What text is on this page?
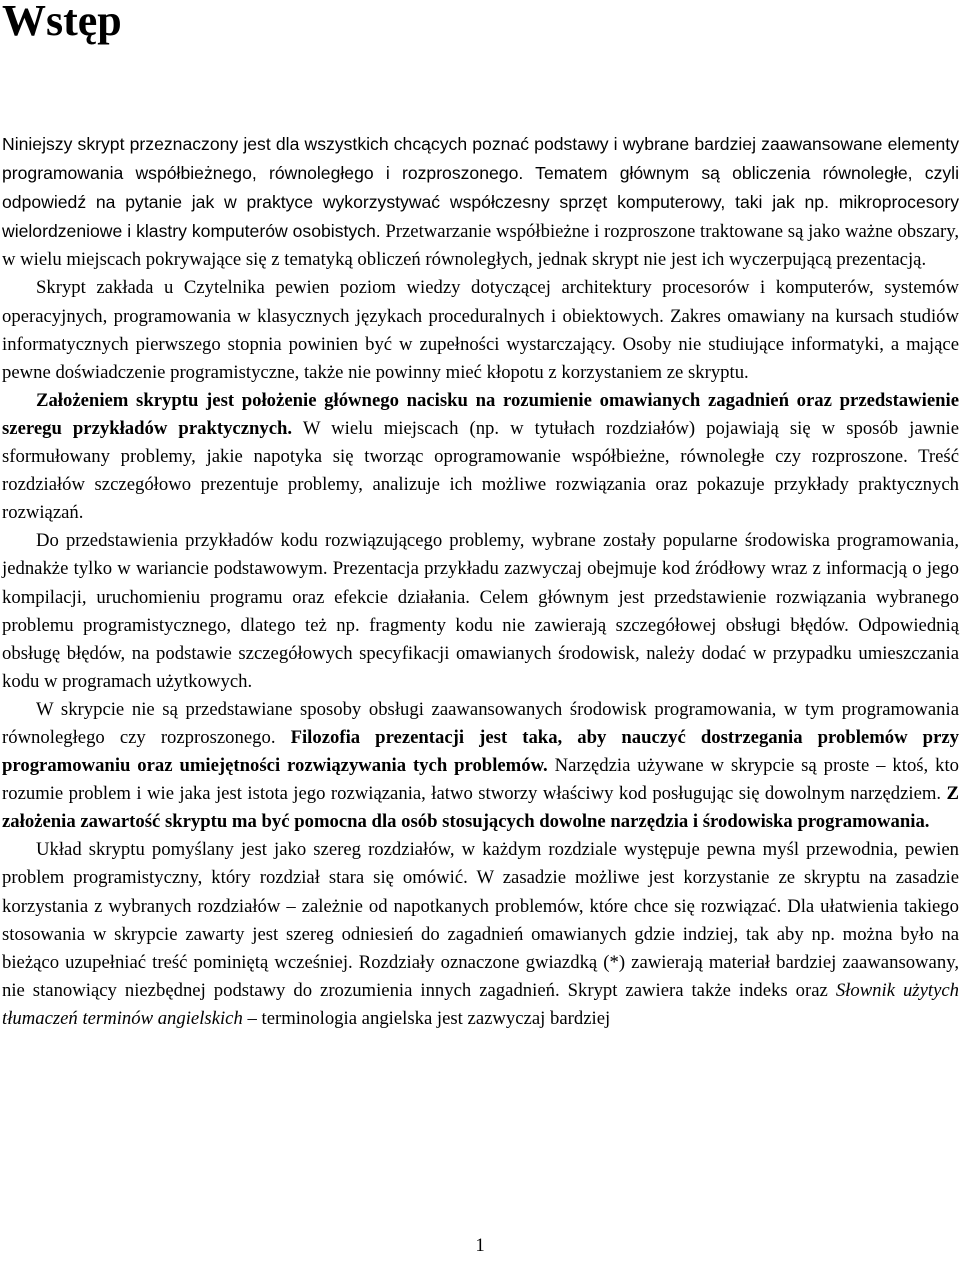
Wstęp

Niniejszy skrypt przeznaczony jest dla wszystkich chcących poznać podstawy i wybrane bardziej zaawansowane elementy programowania współbieżnego, równoległego i rozproszonego. Tematem głównym są obliczenia równoległe, czyli odpowiedź na pytanie jak w praktyce wykorzystywać współczesny sprzęt komputerowy, taki jak np. mikroprocesory wielordzeniowe i klastry komputerów osobistych. Przetwarzanie współbieżne i rozproszone traktowane są jako ważne obszary, w wielu miejscach pokrywające się z tematyką obliczeń równoległych, jednak skrypt nie jest ich wyczerpującą prezentacją.

Skrypt zakłada u Czytelnika pewien poziom wiedzy dotyczącej architektury procesorów i komputerów, systemów operacyjnych, programowania w klasycznych językach proceduralnych i obiektowych. Zakres omawiany na kursach studiów informatycznych pierwszego stopnia powinien być w zupełności wystarczający. Osoby nie studiujące informatyki, a mające pewne doświadczenie programistyczne, także nie powinny mieć kłopotu z korzystaniem ze skryptu.

Założeniem skryptu jest położenie głównego nacisku na rozumienie omawianych zagadnień oraz przedstawienie szeregu przykładów praktycznych. W wielu miejscach (np. w tytułach rozdziałów) pojawiają się w sposób jawnie sformułowany problemy, jakie napotyka się tworząc oprogramowanie współbieżne, równoległe czy rozproszone. Treść rozdziałów szczegółowo prezentuje problemy, analizuje ich możliwe rozwiązania oraz pokazuje przykłady praktycznych rozwiązań.

Do przedstawienia przykładów kodu rozwiązującego problemy, wybrane zostały popularne środowiska programowania, jednakże tylko w wariancie podstawowym. Prezentacja przykładu zazwyczaj obejmuje kod źródłowy wraz z informacją o jego kompilacji, uruchomieniu programu oraz efekcie działania. Celem głównym jest przedstawienie rozwiązania wybranego problemu programistycznego, dlatego też np. fragmenty kodu nie zawierają szczegółowej obsługi błędów. Odpowiednią obsługę błędów, na podstawie szczegółowych specyfikacji omawianych środowisk, należy dodać w przypadku umieszczania kodu w programach użytkowych.

W skrypcie nie są przedstawiane sposoby obsługi zaawansowanych środowisk programowania, w tym programowania równoległego czy rozproszonego. Filozofia prezentacji jest taka, aby nauczyć dostrzegania problemów przy programowaniu oraz umiejętności rozwiązywania tych problemów. Narzędzia używane w skrypcie są proste – ktoś, kto rozumie problem i wie jaka jest istota jego rozwiązania, łatwo stworzy właściwy kod posługując się dowolnym narzędziem. Z założenia zawartość skryptu ma być pomocna dla osób stosujących dowolne narzędzia i środowiska programowania.

Układ skryptu pomyślany jest jako szereg rozdziałów, w każdym rozdziale występuje pewna myśl przewodnia, pewien problem programistyczny, który rozdział stara się omówić. W zasadzie możliwe jest korzystanie ze skryptu na zasadzie korzystania z wybranych rozdziałów – zależnie od napotkanych problemów, które chce się rozwiązać. Dla ułatwienia takiego stosowania w skrypcie zawarty jest szereg odniesień do zagadnień omawianych gdzie indziej, tak aby np. można było na bieżąco uzupełniać treść pominiętą wcześniej. Rozdziały oznaczone gwiazdką (*) zawierają materiał bardziej zaawansowany, nie stanowiący niezbędnej podstawy do zrozumienia innych zagadnień. Skrypt zawiera także indeks oraz Słownik użytych tłumaczeń terminów angielskich – terminologia angielska jest zazwyczaj bardziej

1
